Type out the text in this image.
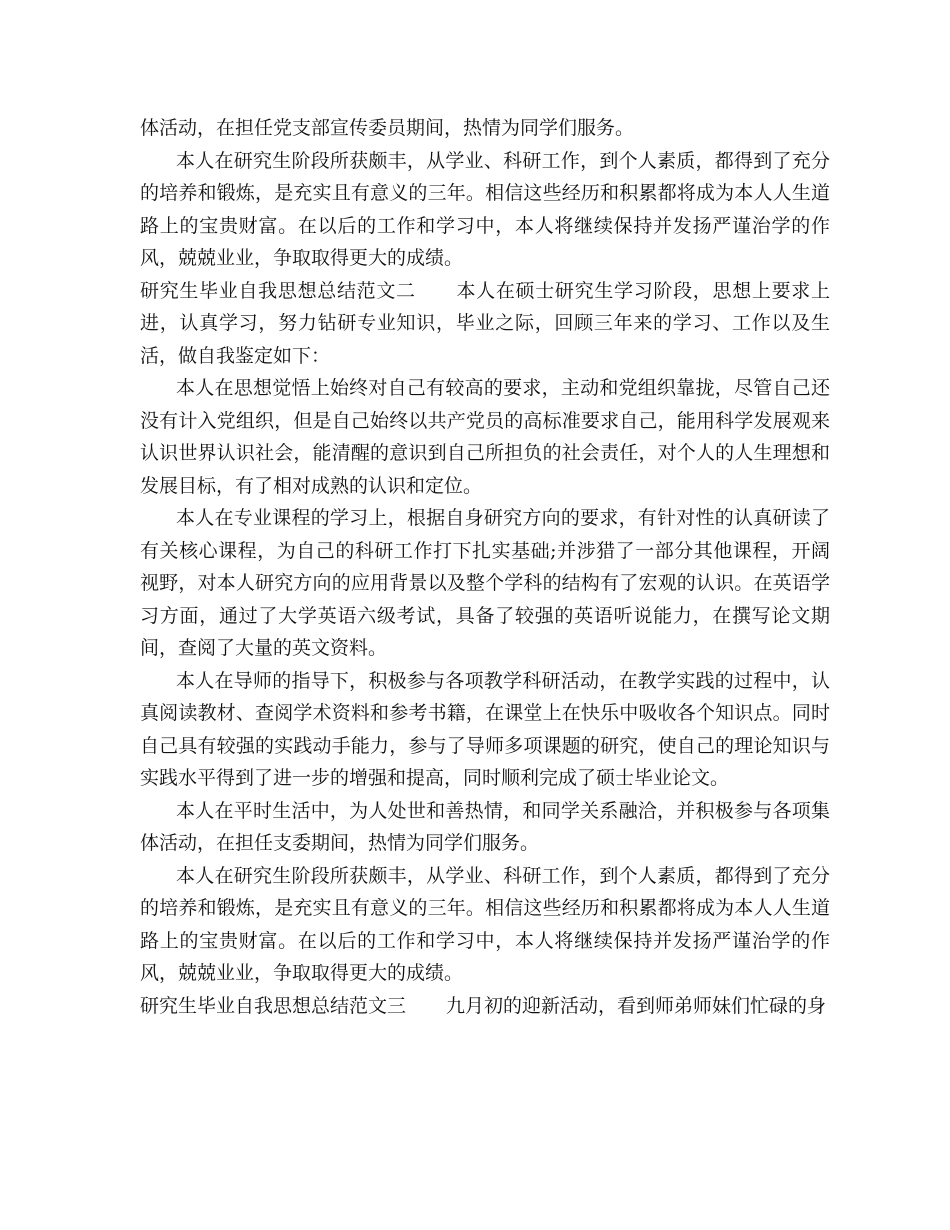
体活动，在担任党支部宣传委员期间，热情为同学们服务。

本人在研究生阶段所获颇丰，从学业、科研工作，到个人素质，都得到了充分的培养和锻炼，是充实且有意义的三年。相信这些经历和积累都将成为本人人生道路上的宝贵财富。在以后的工作和学习中，本人将继续保持并发扬严谨治学的作风，兢兢业业，争取取得更大的成绩。

研究生毕业自我思想总结范文二 本人在硕士研究生学习阶段，思想上要求上进，认真学习，努力钻研专业知识，毕业之际，回顾三年来的学习、工作以及生活，做自我鉴定如下：

本人在思想觉悟上始终对自己有较高的要求，主动和党组织靠拢，尽管自己还没有计入党组织，但是自己始终以共产党员的高标准要求自己，能用科学发展观来认识世界认识社会，能清醒的意识到自己所担负的社会责任，对个人的人生理想和发展目标，有了相对成熟的认识和定位。

本人在专业课程的学习上，根据自身研究方向的要求，有针对性的认真研读了有关核心课程，为自己的科研工作打下扎实基础;并涉猎了一部分其他课程，开阔视野，对本人研究方向的应用背景以及整个学科的结构有了宏观的认识。在英语学习方面，通过了大学英语六级考试，具备了较强的英语听说能力，在撰写论文期间，查阅了大量的英文资料。

本人在导师的指导下，积极参与各项教学科研活动，在教学实践的过程中，认真阅读教材、查阅学术资料和参考书籍，在课堂上在快乐中吸收各个知识点。同时自己具有较强的实践动手能力，参与了导师多项课题的研究，使自己的理论知识与实践水平得到了进一步的增强和提高，同时顺利完成了硕士毕业论文。

本人在平时生活中，为人处世和善热情，和同学关系融洽，并积极参与各项集体活动，在担任支委期间，热情为同学们服务。

本人在研究生阶段所获颇丰，从学业、科研工作，到个人素质，都得到了充分的培养和锻炼，是充实且有意义的三年。相信这些经历和积累都将成为本人人生道路上的宝贵财富。在以后的工作和学习中，本人将继续保持并发扬严谨治学的作风，兢兢业业，争取取得更大的成绩。

研究生毕业自我思想总结范文三 九月初的迎新活动，看到师弟师妹们忙碌的身
